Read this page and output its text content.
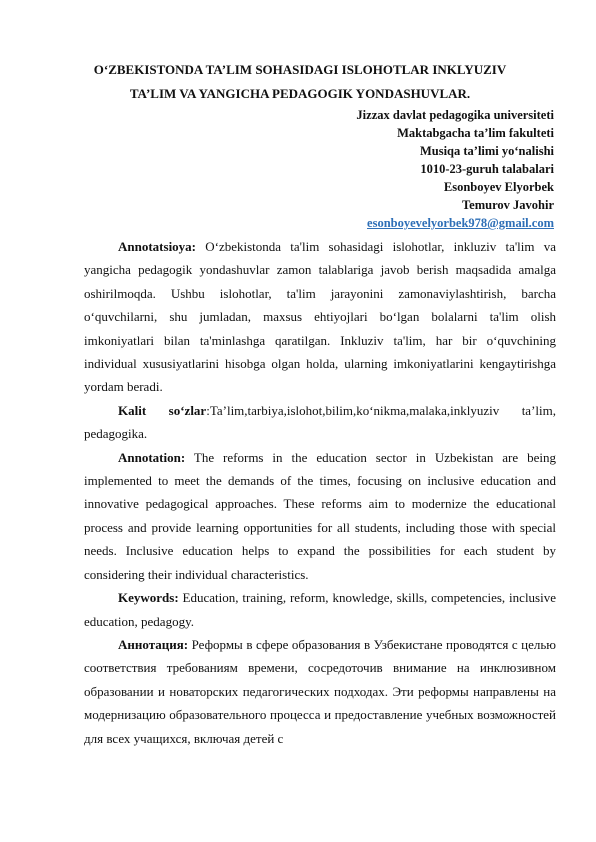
O‘ZBEKISTONDA TA’LIM SOHASIDAGI ISLOHOTLAR INKLYUZIV
TA’LIM VA YANGICHA PEDAGOGIK YONDASHUVLAR.
Jizzax davlat pedagogika universiteti
Maktabgacha ta’lim fakulteti
Musiqa ta’limi yo‘nalishi
1010-23-guruh talabalari
Esonboyev Elyorbek
Temurov Javohir
esonboyevelyorbek978@gmail.com

Annotatsioya: O‘zbekistonda ta'lim sohasidagi islohotlar, inkluziv ta'lim va yangicha pedagogik yondashuvlar zamon talablariga javob berish maqsadida amalga oshirilmoqda. Ushbu islohotlar, ta'lim jarayonini zamonaviylashtirish, barcha o‘quvchilarni, shu jumladan, maxsus ehtiyojlari bo‘lgan bolalarni ta'lim olish imkoniyatlari bilan ta'minlashga qaratilgan. Inkluziv ta'lim, har bir o‘quvchining individual xususiyatlarini hisobga olgan holda, ularning imkoniyatlarini kengaytirishga yordam beradi.

Kalit so‘zlar:Ta’lim,tarbiya,islohot,bilim,ko‘nikma,malaka,inklyuziv ta’lim, pedagogika.

Annotation: The reforms in the education sector in Uzbekistan are being implemented to meet the demands of the times, focusing on inclusive education and innovative pedagogical approaches. These reforms aim to modernize the educational process and provide learning opportunities for all students, including those with special needs. Inclusive education helps to expand the possibilities for each student by considering their individual characteristics.

Keywords: Education, training, reform, knowledge, skills, competencies, inclusive education, pedagogy.

Аннотация: Реформы в сфере образования в Узбекистане проводятся с целью соответствия требованиям времени, сосредоточив внимание на инклюзивном образовании и новаторских педагогических подходах. Эти реформы направлены на модернизацию образовательного процесса и предоставление учебных возможностей для всех учащихся, включая детей с
